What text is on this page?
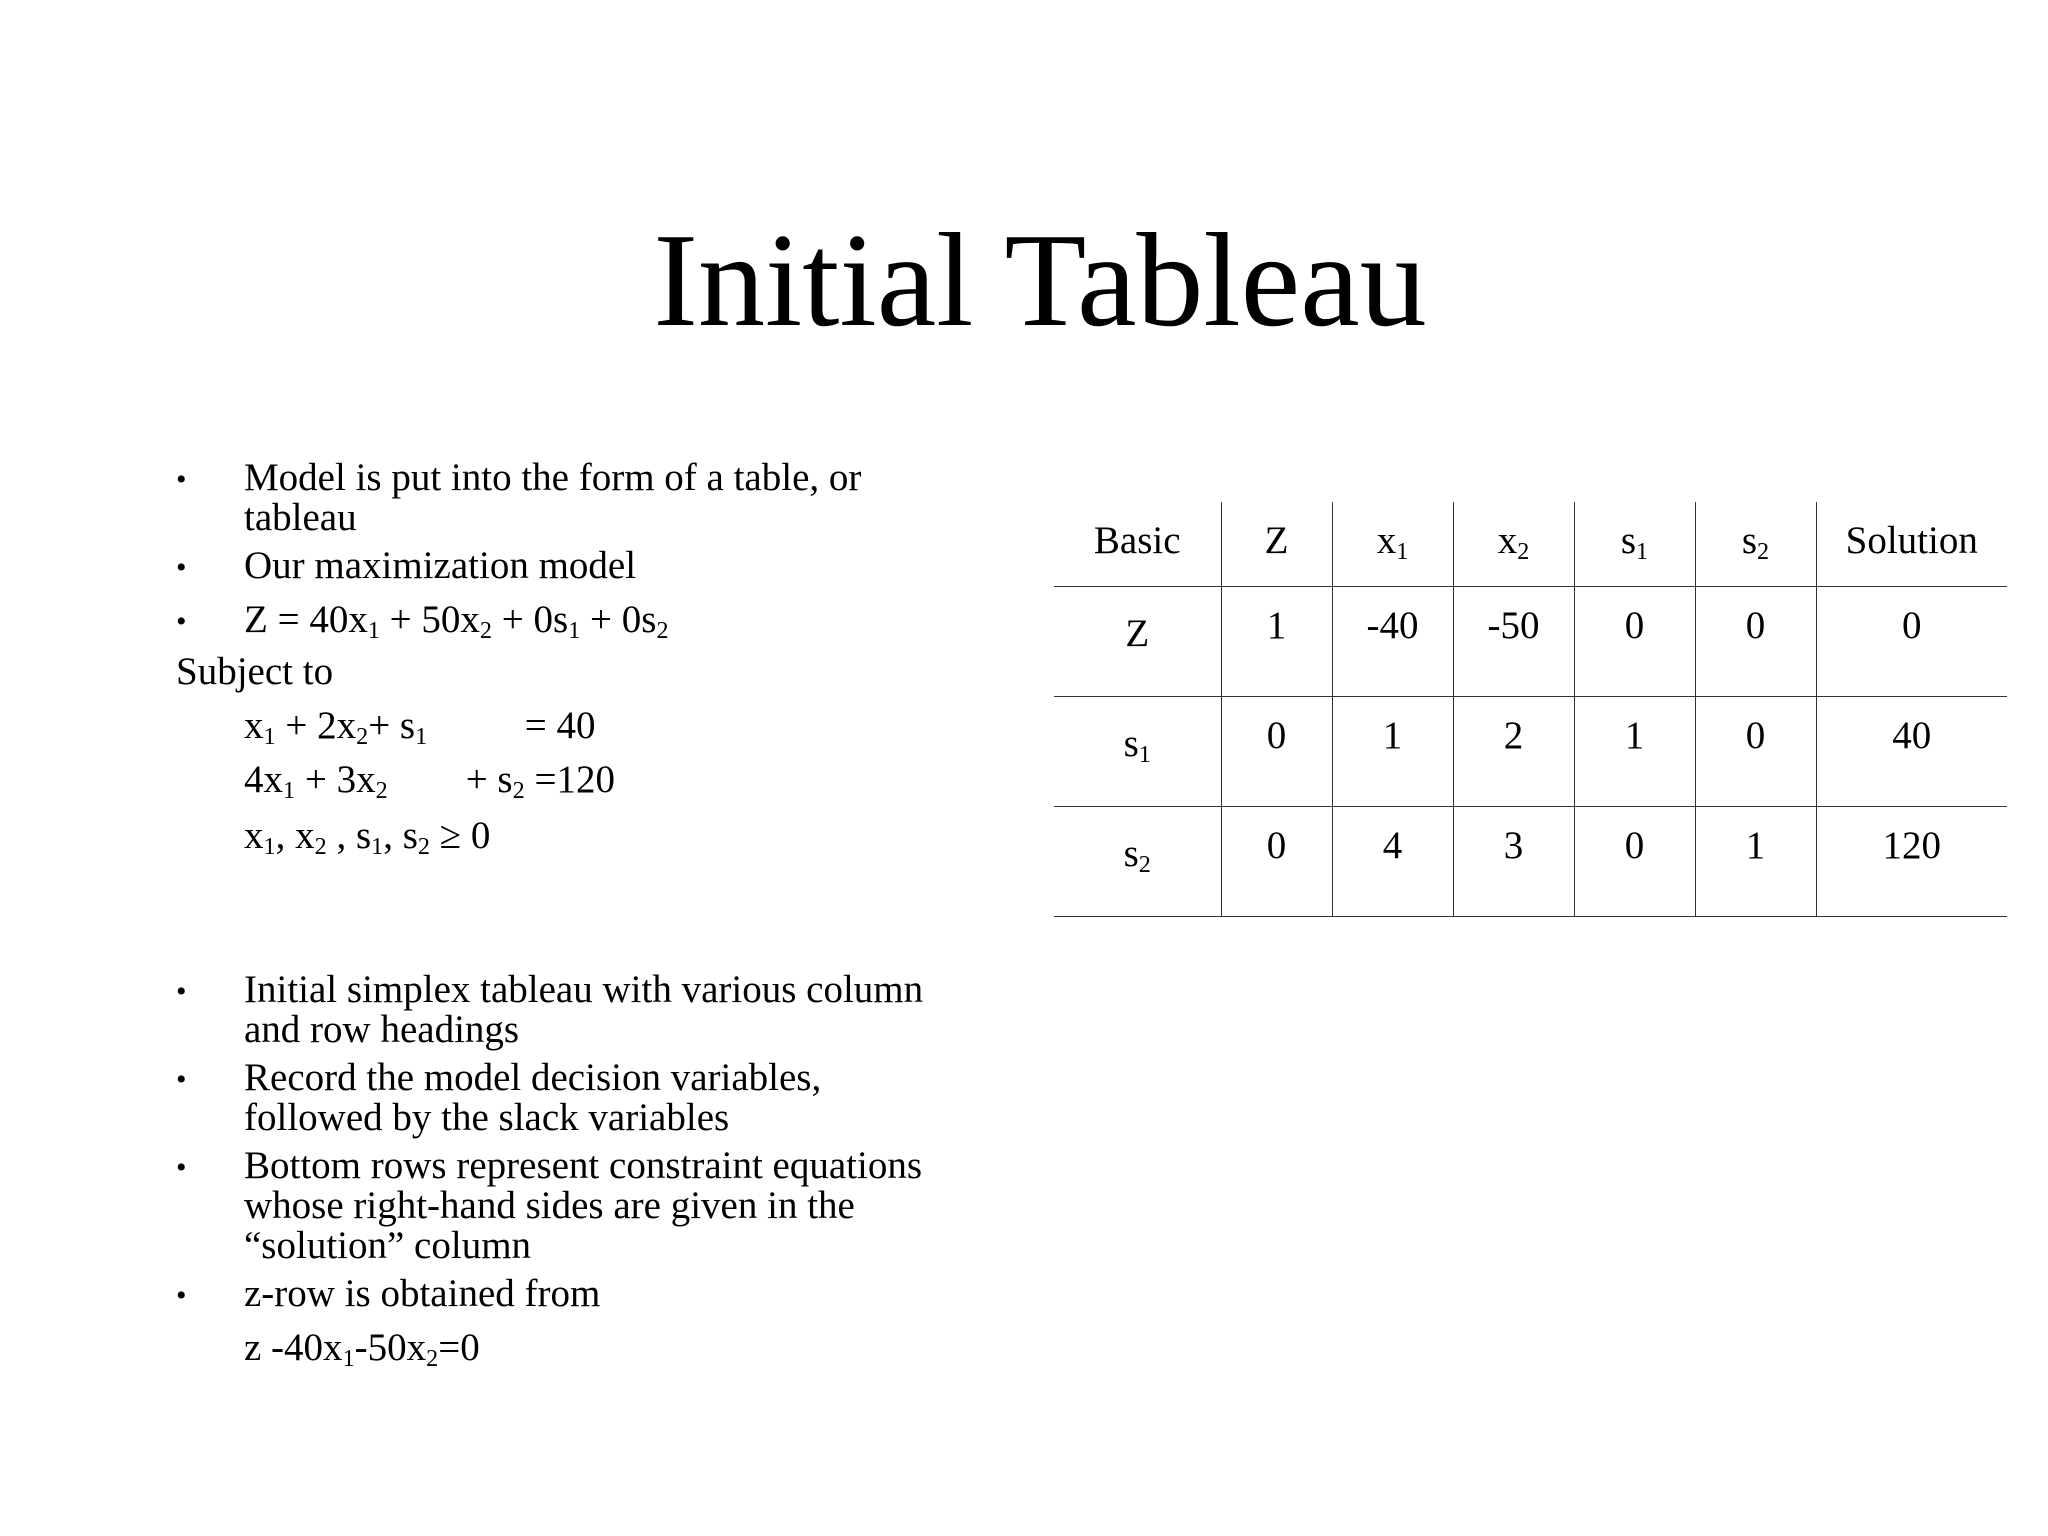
Initial Tableau
• Model is put into the form of a table, or
tableau
• Our maximization model
• $Z = 40x_1 + 50x_2 + 0s_1 + 0s_2$
Subject to
$x_1 + 2x_2+ s_1$          = 40
$4x_1 + 3x_2$        + $s_2 =120$
$x_1$, $x_2$ , $s_1$, $s_2 \ge 0$
• Initial simplex tableau with various column
and row headings
• Record the model decision variables,
followed by the slack variables
• Bottom rows represent constraint equations
whose right-hand sides are given in the
“solution” column
• z-row is obtained from
z $-40x_1-50x_2=0$
Basic	Z	$x_1$	$x_2$	$s_1$	$s_2$	Solution
Z	1	-40	-50	0	0	0
$s_1$	0	1	2	1	0	40
$s_2$	0	4	3	0	1	120
